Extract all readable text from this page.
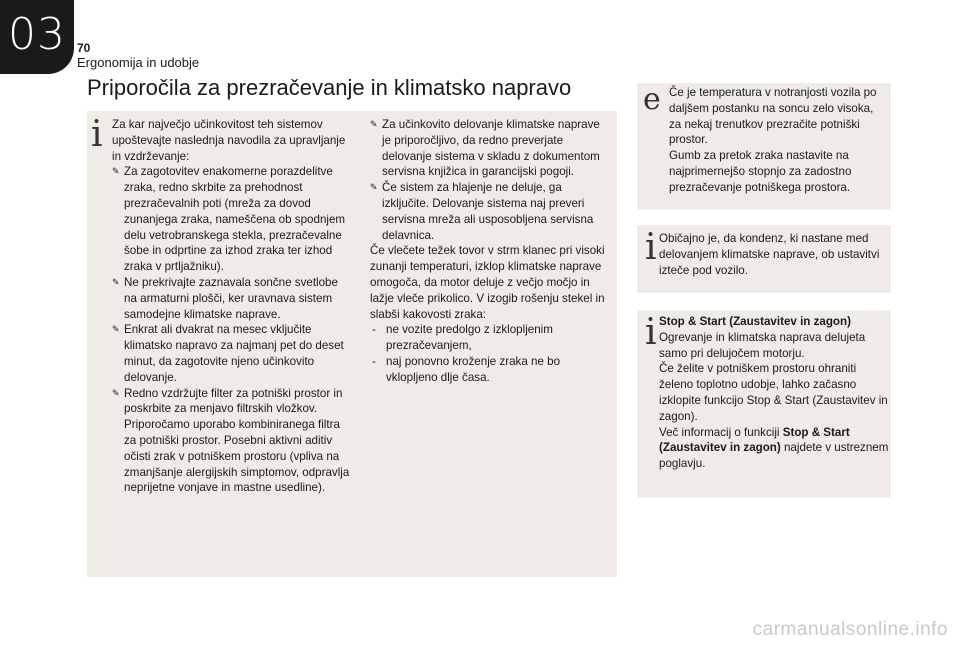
03 70
Ergonomija in udobje
Priporočila za prezračevanje in klimatsko napravo
i Za kar največjo učinkovitost teh sistemov upoštevajte naslednja navodila za upravljanje in vzdrževanje:

✎ Za zagotovitev enakomerne porazdelitve zraka, redno skrbite za prehodnost prezračevalnih poti (mreža za dovod zunanjega zraka, nameščena ob spodnjem delu vetrobranskega stekla, prezračevalne šobe in odprtine za izhod zraka ter izhod zraka v prtljažniku).
✎ Ne prekrivajte zaznavala sončne svetlobe na armaturni plošči, ker uravnava sistem samodejne klimatske naprave.
✎ Enkrat ali dvakrat na mesec vključite klimatsko napravo za najmanj pet do deset minut, da zagotovite njeno učinkovito delovanje.
✎ Redno vzdržujte filter za potniški prostor in poskrbite za menjavo filtrskih vložkov. Priporočamo uporabo kombiniranega filtra za potniški prostor. Posebni aktivni aditiv očisti zrak v potniškem prostoru (vpliva na zmanjšanje alergijskih simptomov, odpravlja neprijetne vonjave in mastne usedline).
✎ Za učinkovito delovanje klimatske naprave je priporočljivo, da redno preverjate delovanje sistema v skladu z dokumentom servisna knjižica in garancijski pogoji.
✎ Če sistem za hlajenje ne deluje, ga izključite. Delovanje sistema naj preveri servisna mreža ali usposobljena servisna delavnica.

Če vlečete težek tovor v strm klanec pri visoki zunanji temperaturi, izklop klimatske naprave omogoča, da motor deluje z večjo močjo in lažje vleče prikolico. V izogib rošenju stekel in slabši kakovosti zraka:

- ne vozite predolgo z izklopljenim prezračevanjem,
- naj ponovno kroženje zraka ne bo vklopljeno dlje časa.
e Če je temperatura v notranjosti vozila po daljšem postanku na soncu zelo visoka, za nekaj trenutkov prezračite potniški prostor.

Gumb za pretok zraka nastavite na najprimernejšo stopnjo za zadostno prezračevanje potniškega prostora.

i Običajno je, da kondenz, ki nastane med delovanjem klimatske naprave, ob ustavitvi izteče pod vozilo.
i Stop & Start (Zaustavitev in zagon)

Ogrevanje in klimatska naprava delujeta samo pri delujočem motorju.

Če želite v potniškem prostoru ohraniti želeno toplotno udobje, lahko začasno izklopite funkcijo Stop & Start (Zaustavitev in zagon).

Več informacij o funkciji Stop & Start (Zaustavitev in zagon) najdete v ustreznem poglavju.

carmanualsonline.info
